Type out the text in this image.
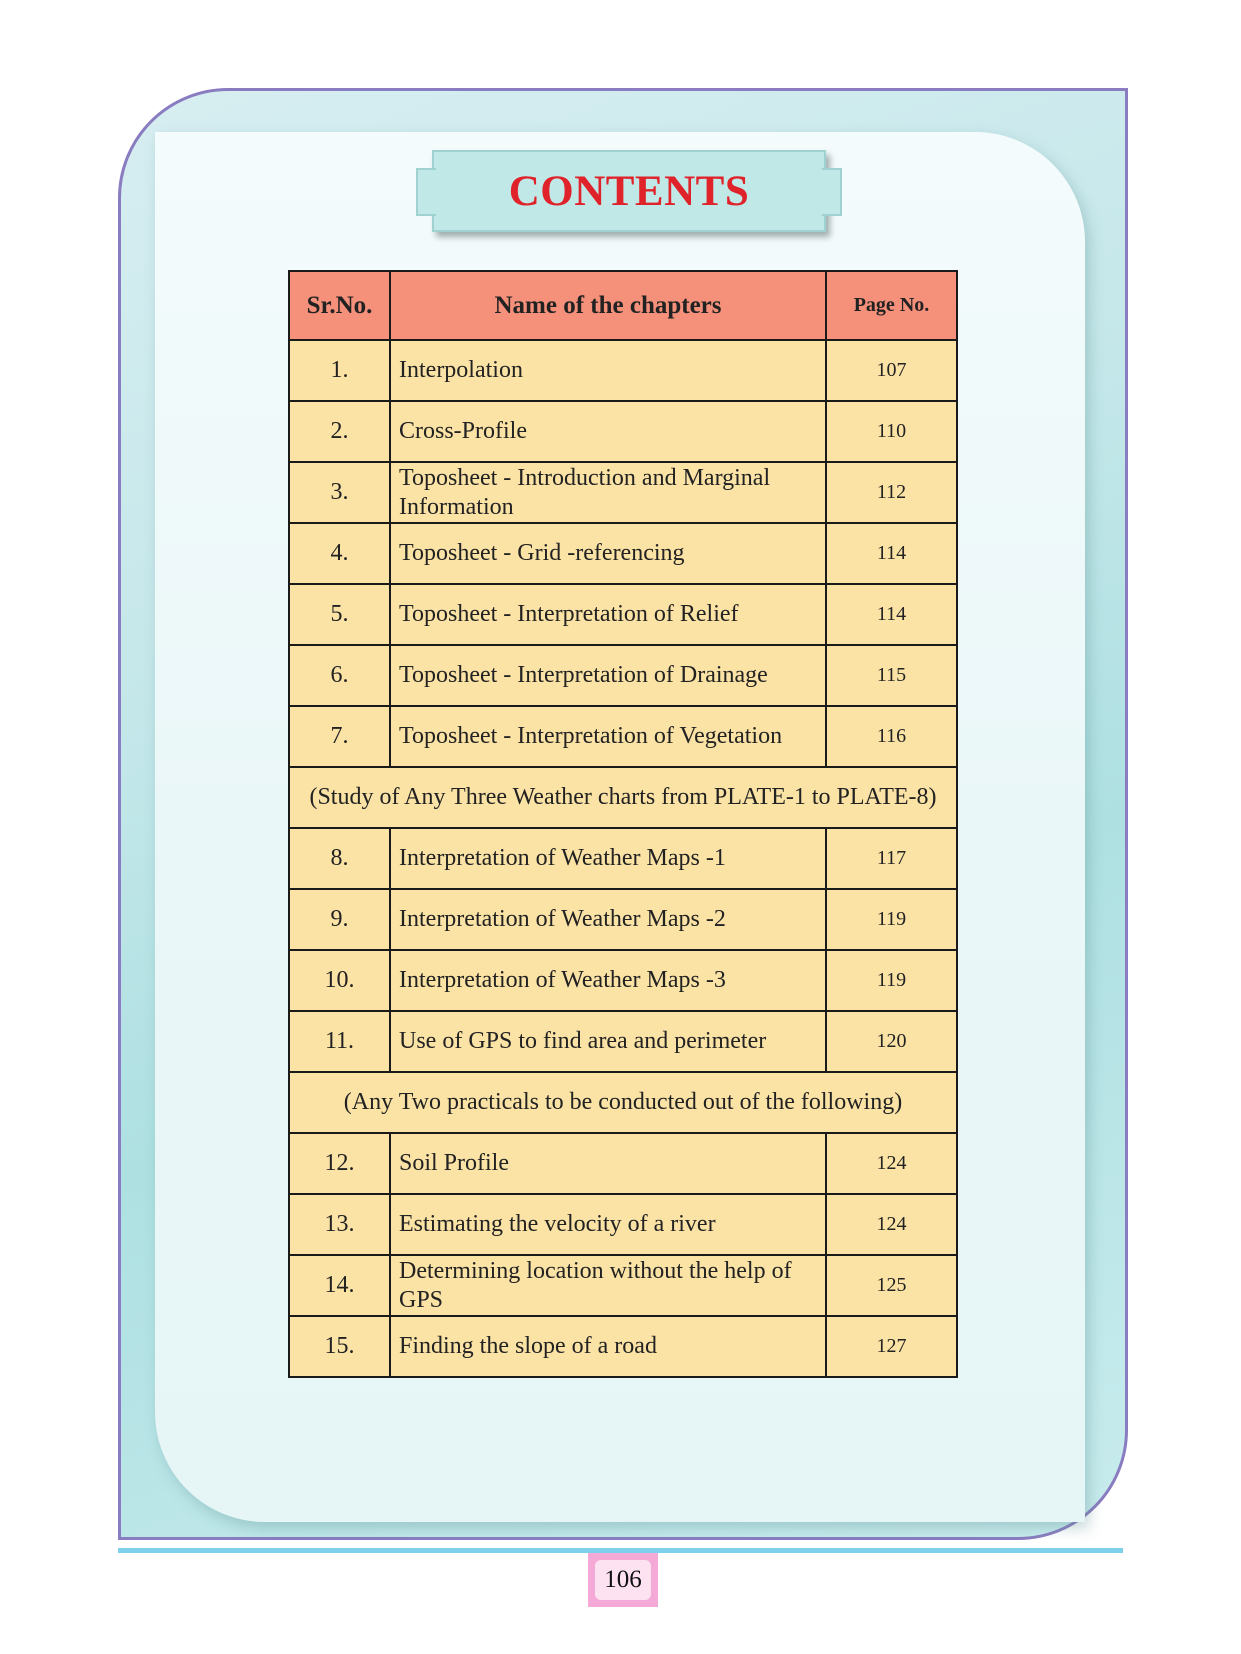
CONTENTS
Sr.No.	Name of the chapters	Page No.
1.	Interpolation	107
2.	Cross-Profile	110
3.	Toposheet - Introduction and Marginal Information	112
4.	Toposheet - Grid -referencing	114
5.	Toposheet - Interpretation of Relief	114
6.	Toposheet - Interpretation of Drainage	115
7.	Toposheet - Interpretation of Vegetation	116
(Study of Any Three Weather charts from PLATE-1 to PLATE-8)		
8.	Interpretation of Weather Maps -1	117
9.	Interpretation of Weather Maps -2	119
10.	Interpretation of Weather Maps -3	119
11.	Use of GPS to find area and perimeter	120
(Any Two practicals to be conducted out of the following)		
12.	Soil Profile	124
13.	Estimating the velocity of a river	124
14.	Determining location without the help of GPS	125
15.	Finding the slope of a road	127
106
